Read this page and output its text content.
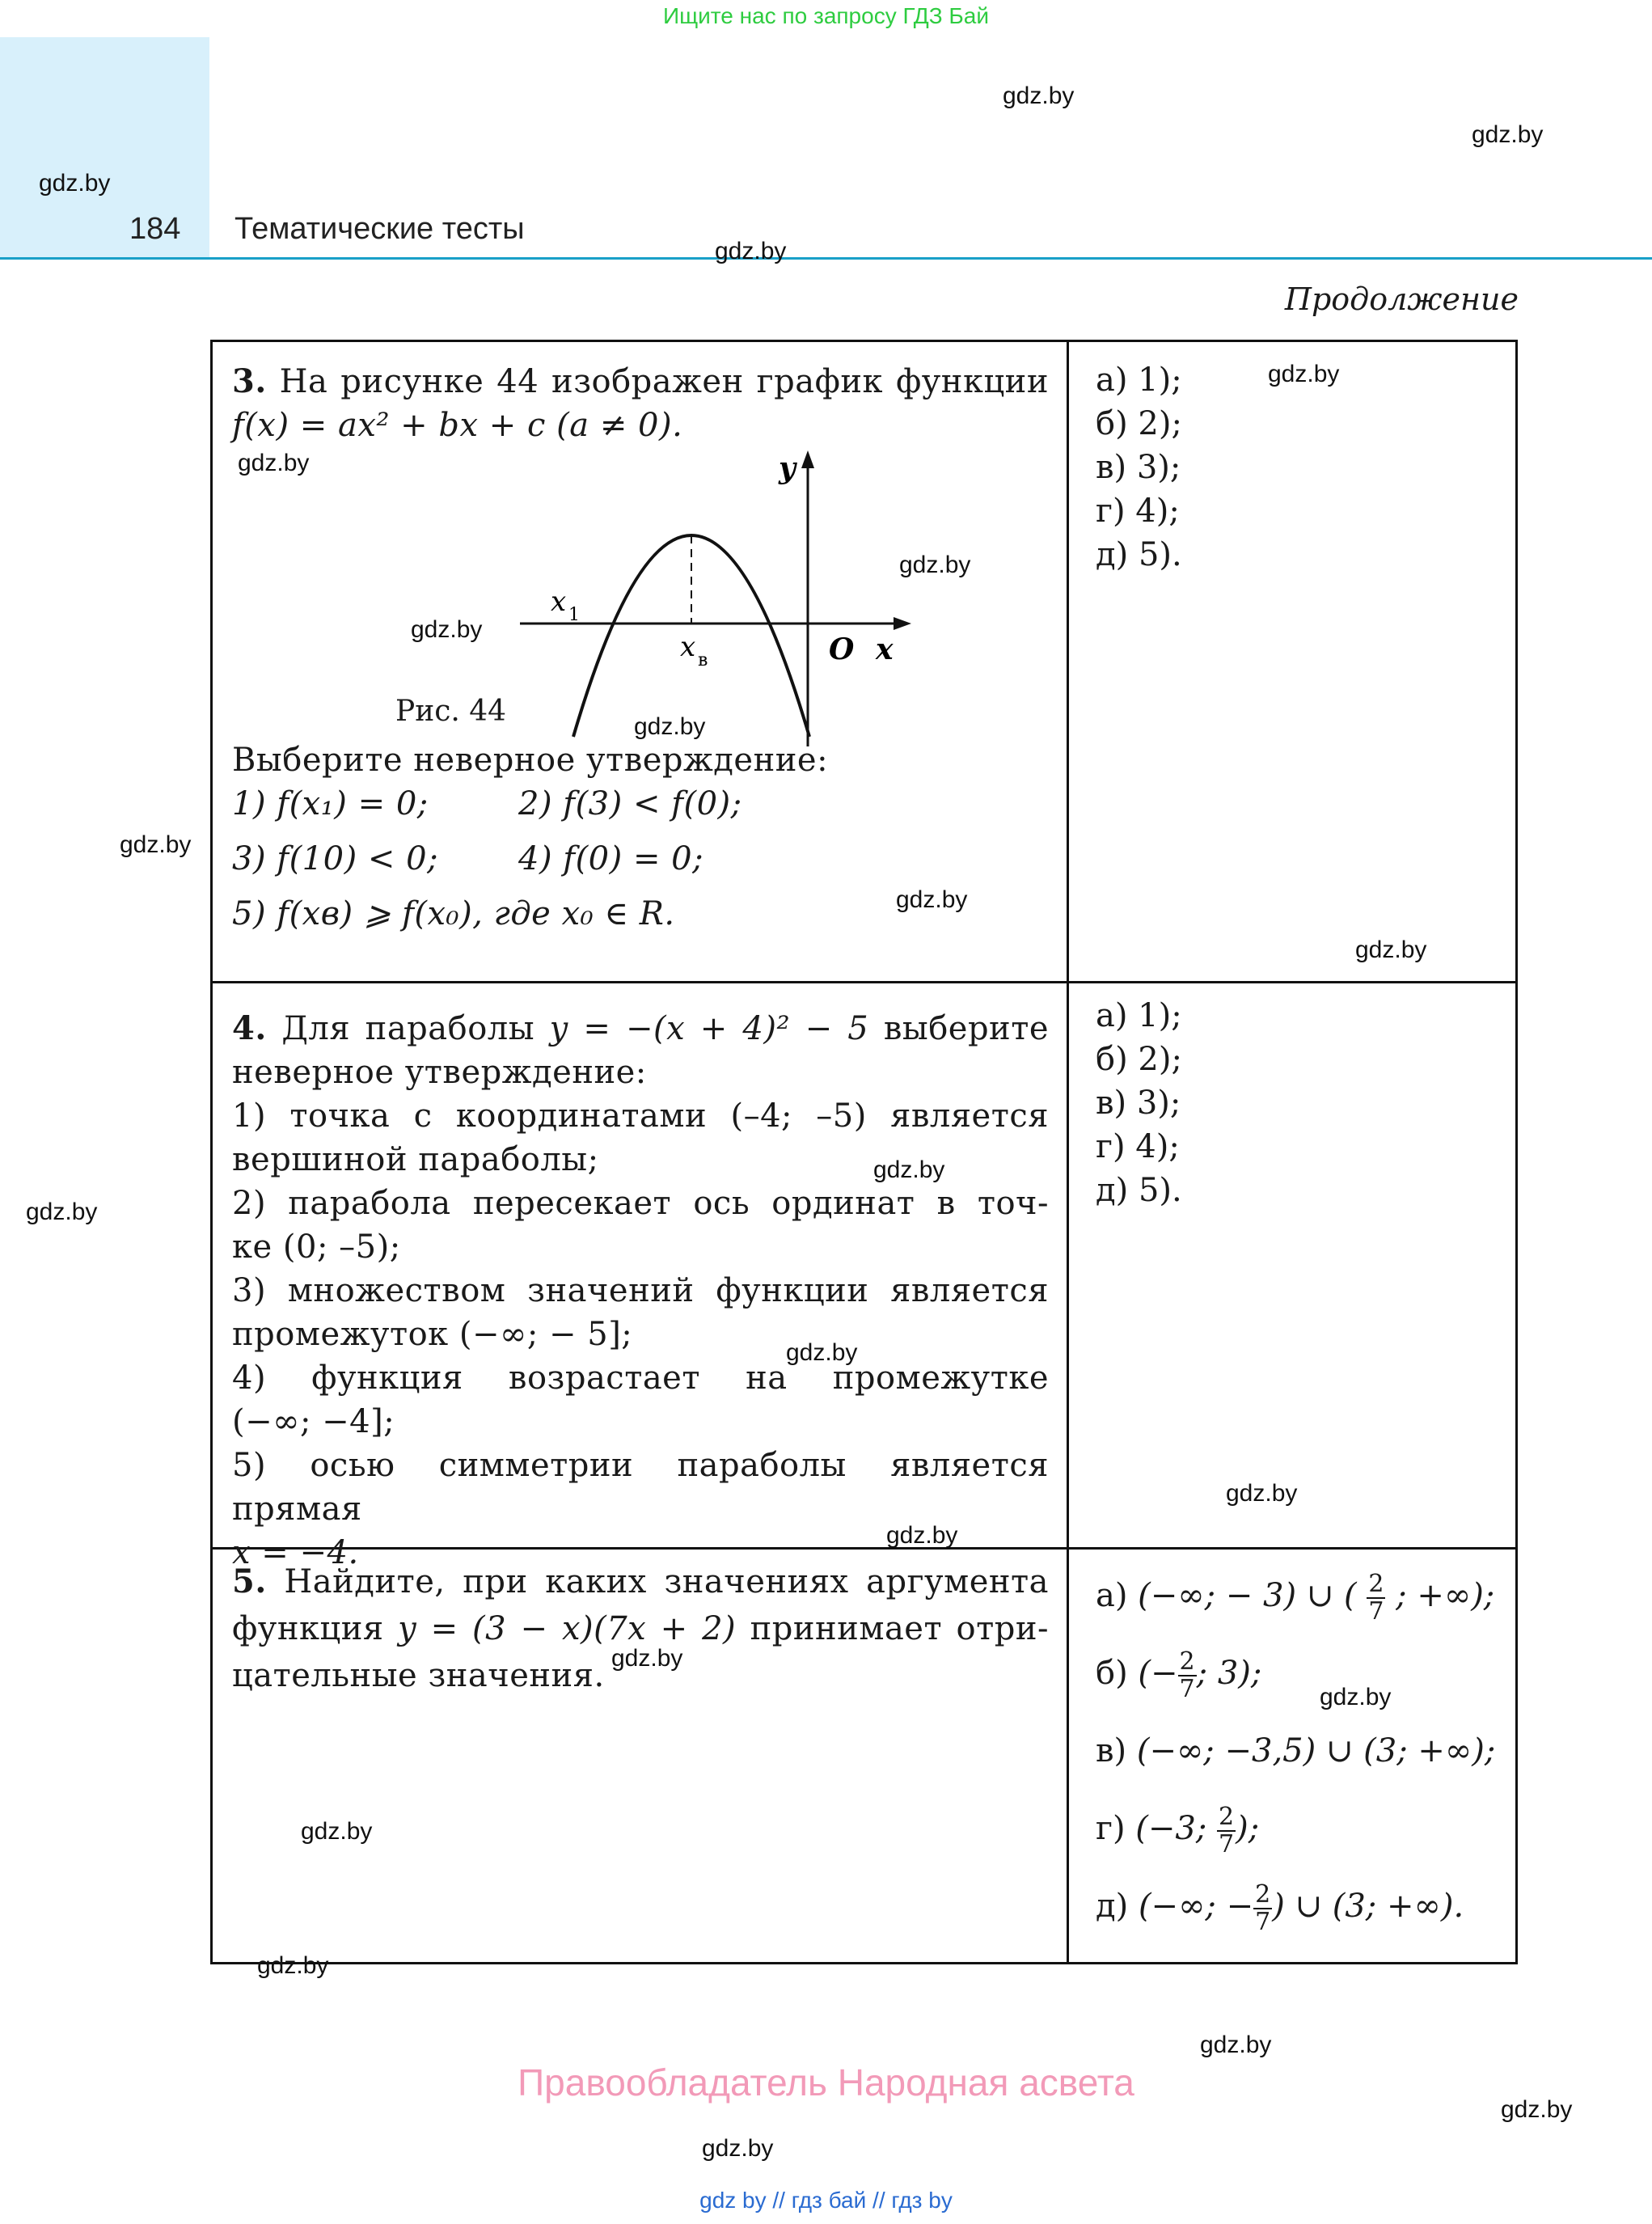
Ищите нас по запросу ГДЗ Бай
184 Тематические тесты
Продолжение
3. На рисунке 44 изображен график функции
f(x) = ax² + bx + c (a ≠ 0).
y
x
O
x 1
x в
Рис. 44
Выберите неверное утверждение:
1) f(x₁) = 0;	2) f(3) < f(0);
3) f(10) < 0; 4) f(0) = 0;
5) f(xв) ⩾ f(x₀), где x₀ ∈ R.
а) 1);
б) 2);
в) 3);
г) 4);
д) 5).
4. Для параболы y = −(x + 4)² − 5 выберите
неверное утверждение:
1) точка с координатами (–4; –5) является
вершиной параболы;
2) парабола пересекает ось ординат в точ-
ке (0; –5);
3) множеством значений функции является
промежуток (−∞; − 5];
4) функция возрастает на промежутке
(−∞; −4];
5) осью симметрии параболы является прямая
x = −4.
а) 1);
б) 2);
в) 3);
г) 4);
д) 5).
5. Найдите, при каких значениях аргумента
функция y = (3 − x)(7x + 2) принимает отри-
цательные значения.
а) (−∞; − 3) ∪ ( $\frac{2}{7}$ ; +∞);
б) (− $\frac{2}{7}$ ; 3);
в) (−∞; −3,5) ∪ (3; +∞);
г) (−3; $\frac{2}{7}$ );
д) (−∞; − $\frac{2}{7}$ ) ∪ (3; +∞).
gdz.by
gdz.by
gdz.by
gdz.by
gdz.by
gdz.by
gdz.by
gdz.by
gdz.by
gdz.by
gdz.by
gdz.by
gdz.by
gdz.by
gdz.by
gdz.by
gdz.by
gdz.by
gdz.by
gdz.by
gdz.by
gdz.by
gdz.by
gdz.by
Правообладатель Народная асвета
gdz by // гдз бай // гдз by
